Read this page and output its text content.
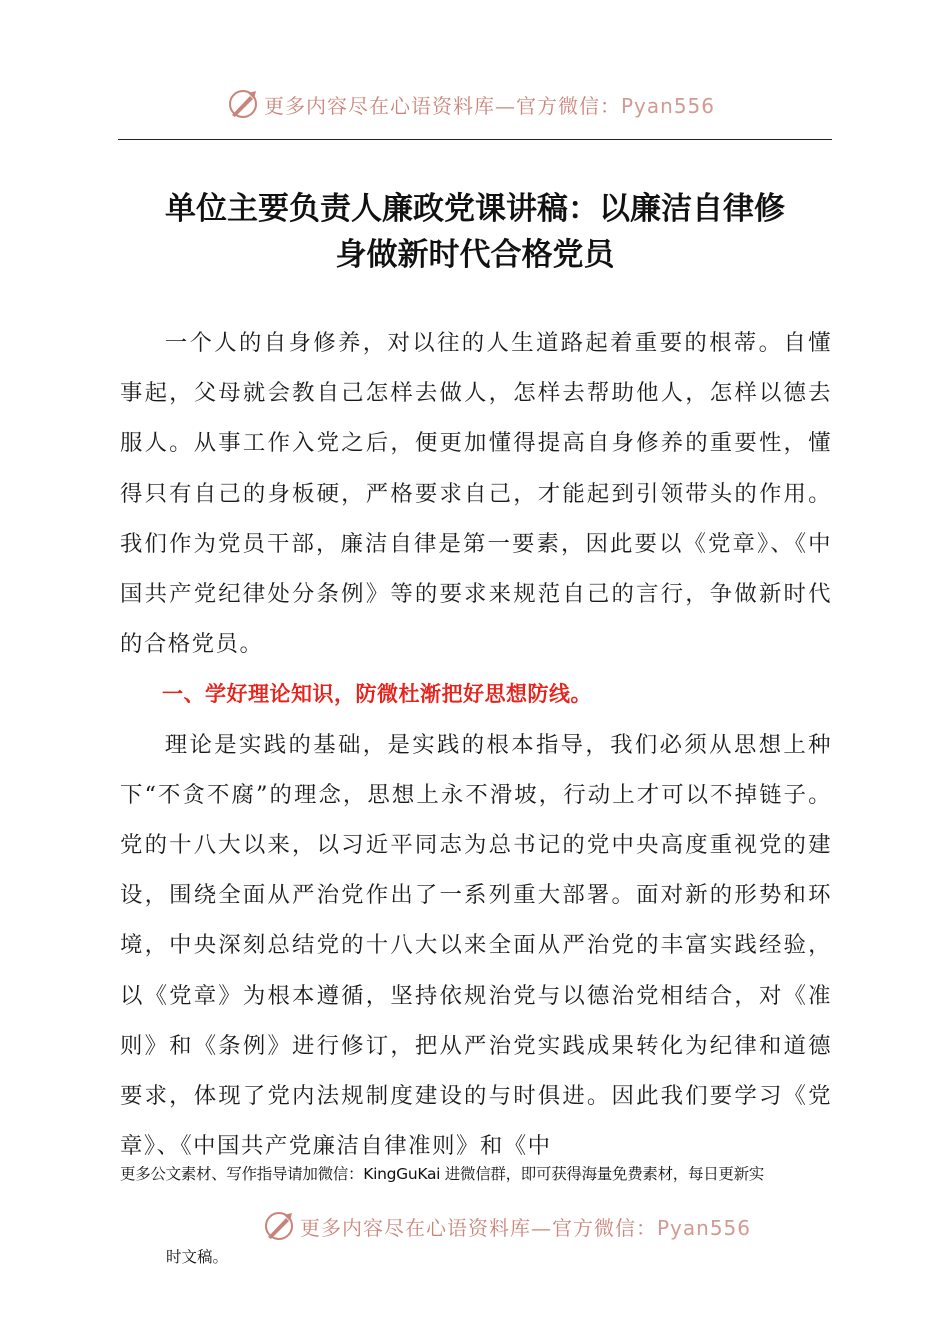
更多内容尽在心语资料库—官方微信：Pyan556
单位主要负责人廉政党课讲稿：以廉洁自律修
身做新时代合格党员

一个人的自身修养，对以往的人生道路起着重要的根蒂。自懂事起，父母就会教自己怎样去做人，怎样去帮助他人，怎样以德去服人。从事工作入党之后，便更加懂得提高自身修养的重要性，懂得只有自己的身板硬，严格要求自己，才能起到引领带头的作用。我们作为党员干部，廉洁自律是第一要素，因此要以《党章》、《中国共产党纪律处分条例》等的要求来规范自己的言行，争做新时代的合格党员。

一、学好理论知识，防微杜渐把好思想防线。

理论是实践的基础，是实践的根本指导，我们必须从思想上种下“不贪不腐”的理念，思想上永不滑坡，行动上才可以不掉链子。党的十八大以来，以习近平同志为总书记的党中央高度重视党的建设，围绕全面从严治党作出了一系列重大部署。面对新的形势和环境，中央深刻总结党的十八大以来全面从严治党的丰富实践经验，以《党章》为根本遵循，坚持依规治党与以德治党相结合，对《准则》和《条例》进行修订，把从严治党实践成果转化为纪律和道德要求，体现了党内法规制度建设的与时俱进。因此我们要学习《党章》、《中国共产党廉洁自律准则》和《中

更多公文素材、写作指导请加微信：KingGuKai 进微信群，即可获得海量免费素材，每日更新实
更多内容尽在心语资料库—官方微信：Pyan556
时文稿。
